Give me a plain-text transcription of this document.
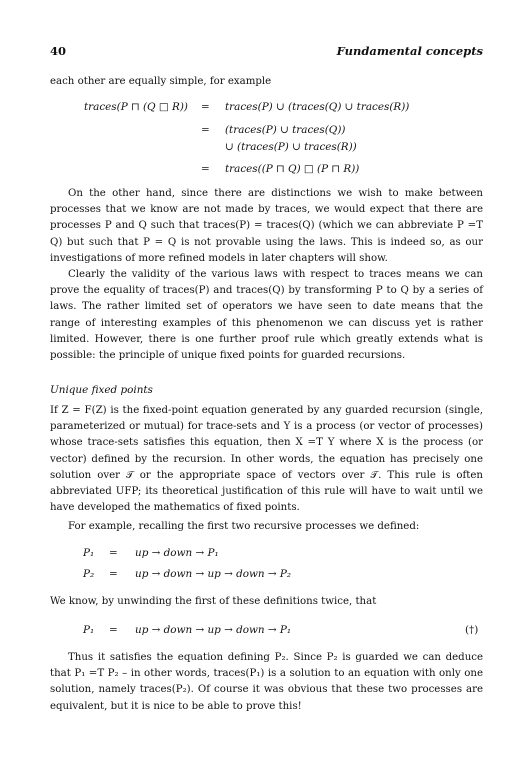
40	Fundamental concepts

each other are equally simple, for example

traces(P ⊓ (Q □ R)) = traces(P) ∪ (traces(Q) ∪ traces(R))
= (traces(P) ∪ traces(Q))
∪ (traces(P) ∪ traces(R))
= traces((P ⊓ Q) □ (P ⊓ R))

On the other hand, since there are distinctions we wish to make between processes that we know are not made by traces, we would expect that there are processes P and Q such that traces(P) = traces(Q) (which we can abbreviate P =T Q) but such that P = Q is not provable using the laws. This is indeed so, as our investigations of more refined models in later chapters will show.

Clearly the validity of the various laws with respect to traces means we can prove the equality of traces(P) and traces(Q) by transforming P to Q by a series of laws. The rather limited set of operators we have seen to date means that the range of interesting examples of this phenomenon we can discuss yet is rather limited. However, there is one further proof rule which greatly extends what is possible: the principle of unique fixed points for guarded recursions.

Unique fixed points

If Z = F(Z) is the fixed-point equation generated by any guarded recursion (single, parameterized or mutual) for trace-sets and Y is a process (or vector of processes) whose trace-sets satisfies this equation, then X =T Y where X is the process (or vector) defined by the recursion. In other words, the equation has precisely one solution over 𝒯 or the appropriate space of vectors over 𝒯. This rule is often abbreviated UFP; its theoretical justification of this rule will have to wait until we have developed the mathematics of fixed points.

For example, recalling the first two recursive processes we defined:

P₁ = up → down → P₁
P₂ = up → down → up → down → P₂

We know, by unwinding the first of these definitions twice, that

P₁ = up → down → up → down → P₁	(†)

Thus it satisfies the equation defining P₂. Since P₂ is guarded we can deduce that P₁ =T P₂ – in other words, traces(P₁) is a solution to an equation with only one solution, namely traces(P₂). Of course it was obvious that these two processes are equivalent, but it is nice to be able to prove this!
